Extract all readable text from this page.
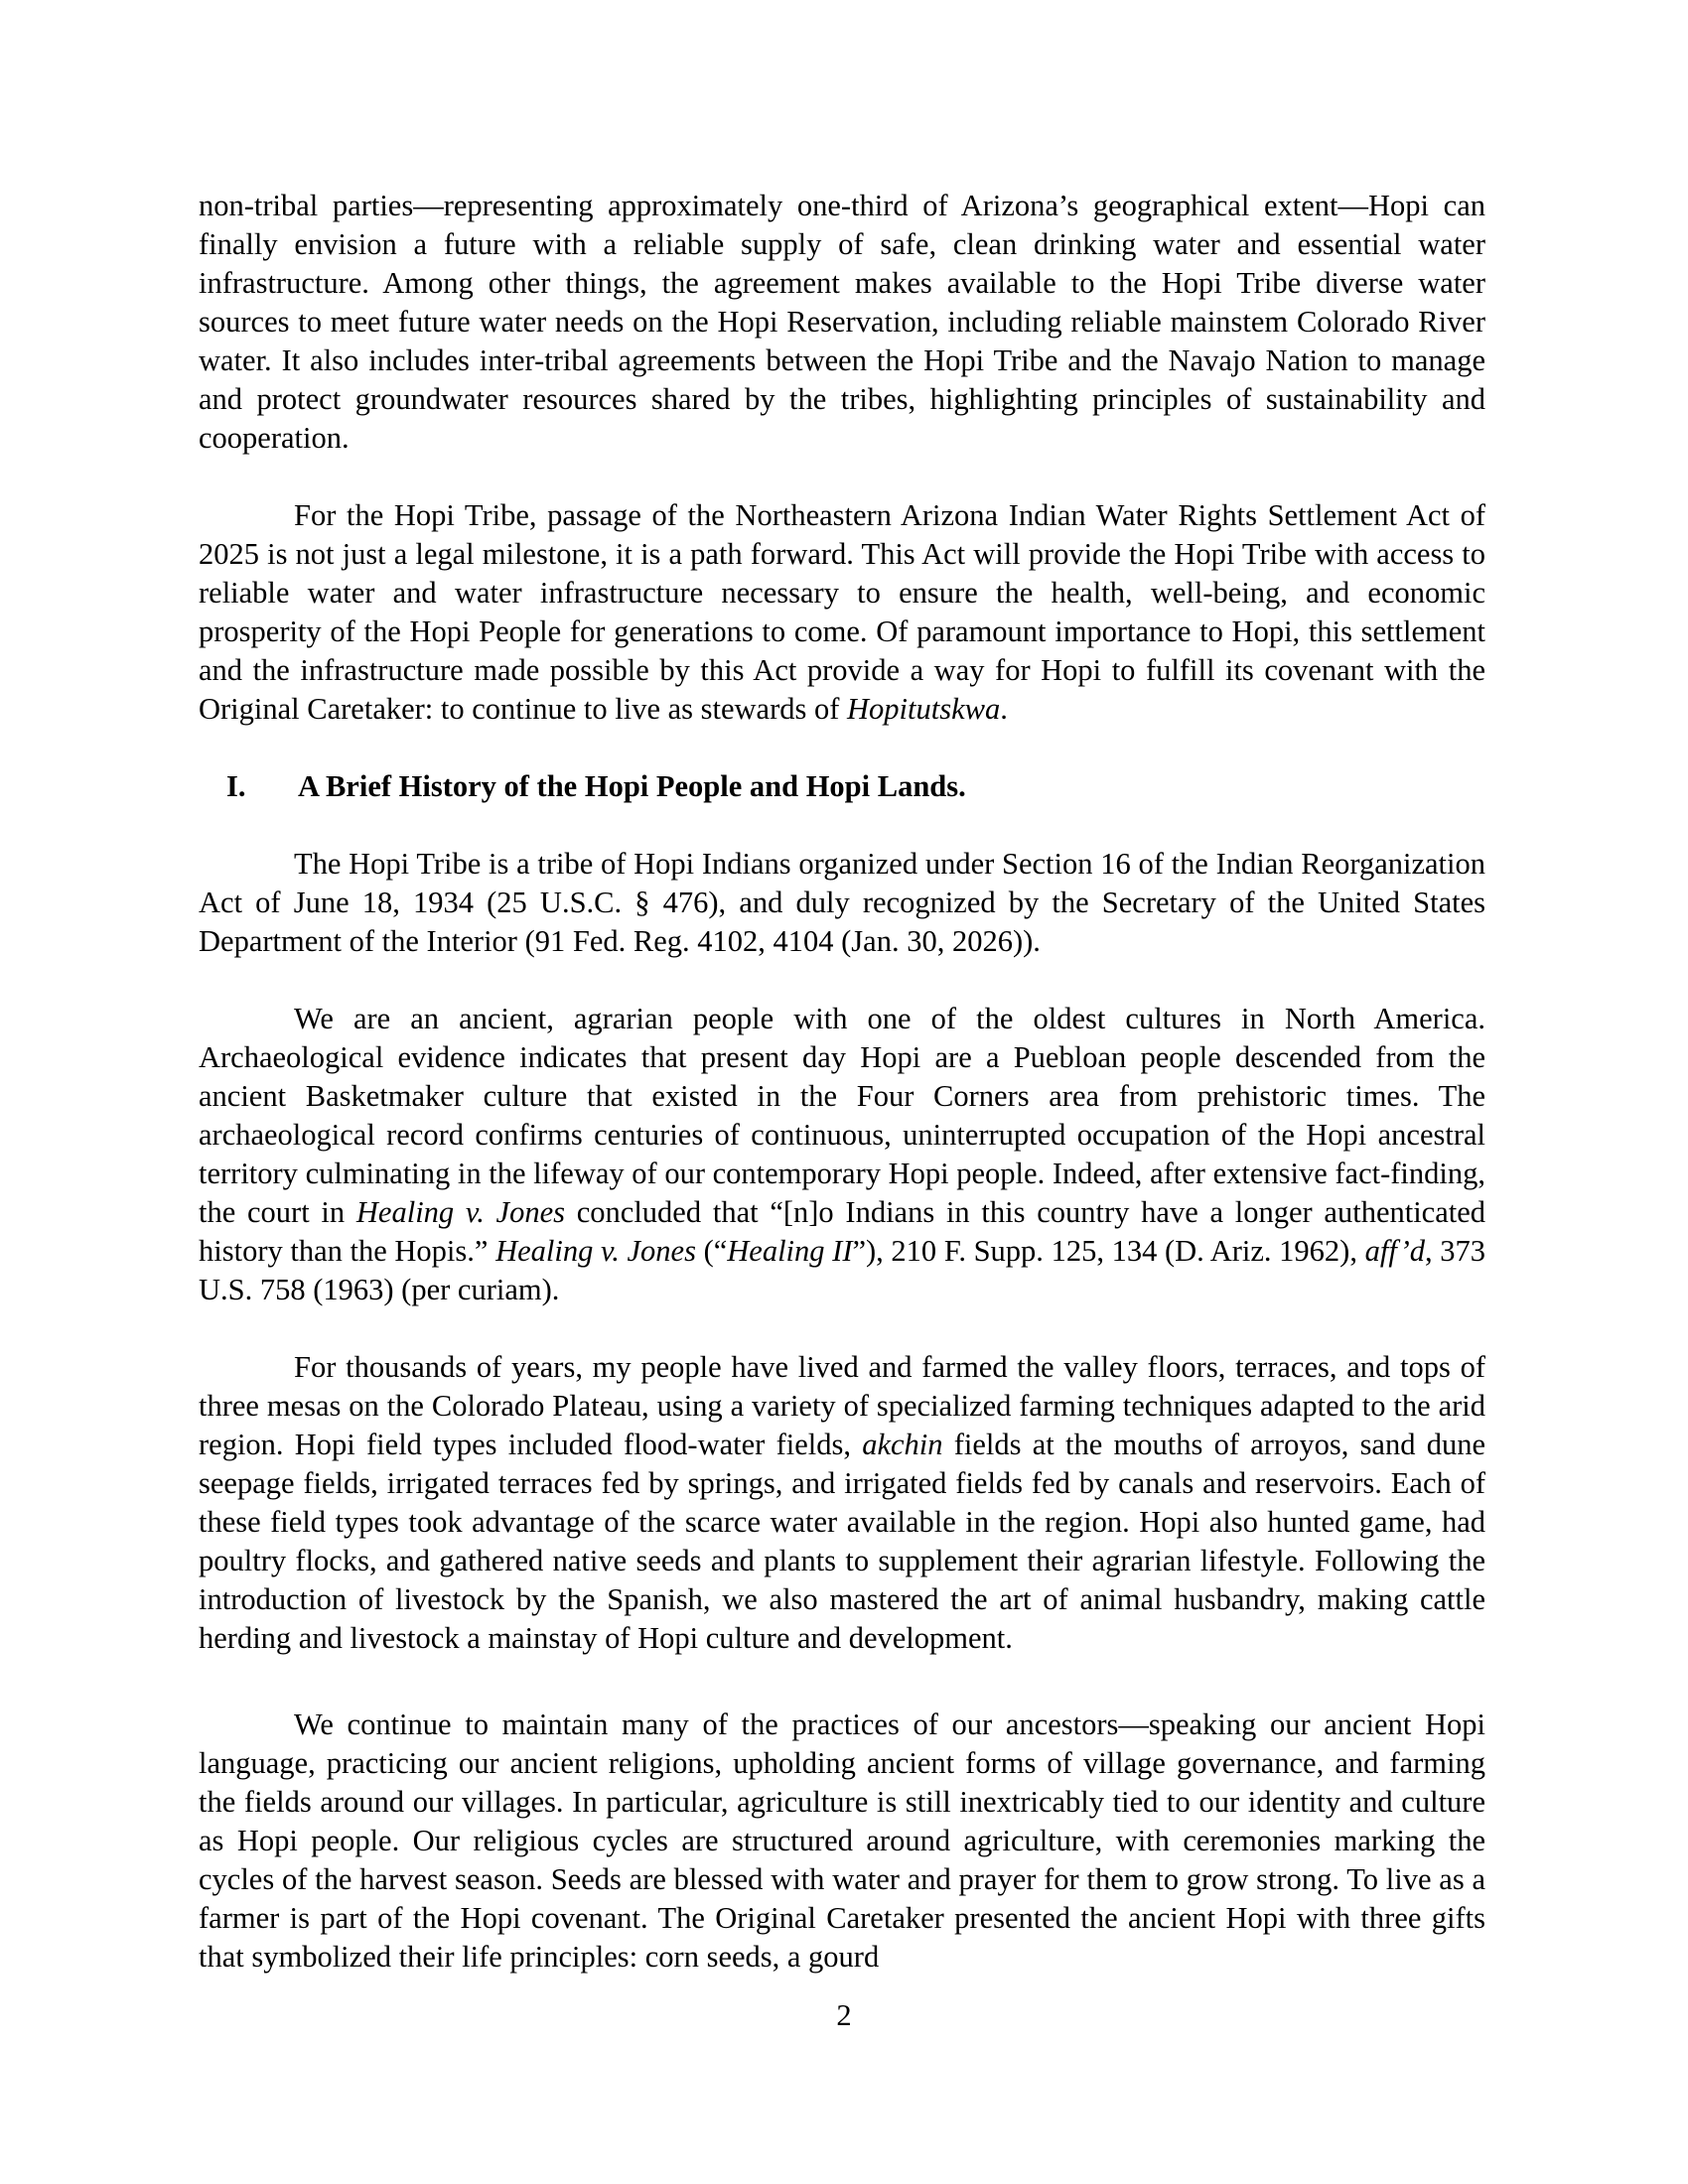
non-tribal parties—representing approximately one-third of Arizona’s geographical extent—Hopi can finally envision a future with a reliable supply of safe, clean drinking water and essential water infrastructure. Among other things, the agreement makes available to the Hopi Tribe diverse water sources to meet future water needs on the Hopi Reservation, including reliable mainstem Colorado River water. It also includes inter-tribal agreements between the Hopi Tribe and the Navajo Nation to manage and protect groundwater resources shared by the tribes, highlighting principles of sustainability and cooperation.

For the Hopi Tribe, passage of the Northeastern Arizona Indian Water Rights Settlement Act of 2025 is not just a legal milestone, it is a path forward. This Act will provide the Hopi Tribe with access to reliable water and water infrastructure necessary to ensure the health, well-being, and economic prosperity of the Hopi People for generations to come. Of paramount importance to Hopi, this settlement and the infrastructure made possible by this Act provide a way for Hopi to fulfill its covenant with the Original Caretaker: to continue to live as stewards of Hopitutskwa.

I.	A Brief History of the Hopi People and Hopi Lands.

The Hopi Tribe is a tribe of Hopi Indians organized under Section 16 of the Indian Reorganization Act of June 18, 1934 (25 U.S.C. § 476), and duly recognized by the Secretary of the United States Department of the Interior (91 Fed. Reg. 4102, 4104 (Jan. 30, 2026)).

We are an ancient, agrarian people with one of the oldest cultures in North America. Archaeological evidence indicates that present day Hopi are a Puebloan people descended from the ancient Basketmaker culture that existed in the Four Corners area from prehistoric times. The archaeological record confirms centuries of continuous, uninterrupted occupation of the Hopi ancestral territory culminating in the lifeway of our contemporary Hopi people. Indeed, after extensive fact-finding, the court in Healing v. Jones concluded that “[n]o Indians in this country have a longer authenticated history than the Hopis.” Healing v. Jones (“Healing II”), 210 F. Supp. 125, 134 (D. Ariz. 1962), aff’d, 373 U.S. 758 (1963) (per curiam).

For thousands of years, my people have lived and farmed the valley floors, terraces, and tops of three mesas on the Colorado Plateau, using a variety of specialized farming techniques adapted to the arid region. Hopi field types included flood-water fields, akchin fields at the mouths of arroyos, sand dune seepage fields, irrigated terraces fed by springs, and irrigated fields fed by canals and reservoirs. Each of these field types took advantage of the scarce water available in the region. Hopi also hunted game, had poultry flocks, and gathered native seeds and plants to supplement their agrarian lifestyle. Following the introduction of livestock by the Spanish, we also mastered the art of animal husbandry, making cattle herding and livestock a mainstay of Hopi culture and development.

We continue to maintain many of the practices of our ancestors—speaking our ancient Hopi language, practicing our ancient religions, upholding ancient forms of village governance, and farming the fields around our villages. In particular, agriculture is still inextricably tied to our identity and culture as Hopi people. Our religious cycles are structured around agriculture, with ceremonies marking the cycles of the harvest season. Seeds are blessed with water and prayer for them to grow strong. To live as a farmer is part of the Hopi covenant. The Original Caretaker presented the ancient Hopi with three gifts that symbolized their life principles: corn seeds, a gourd

2
